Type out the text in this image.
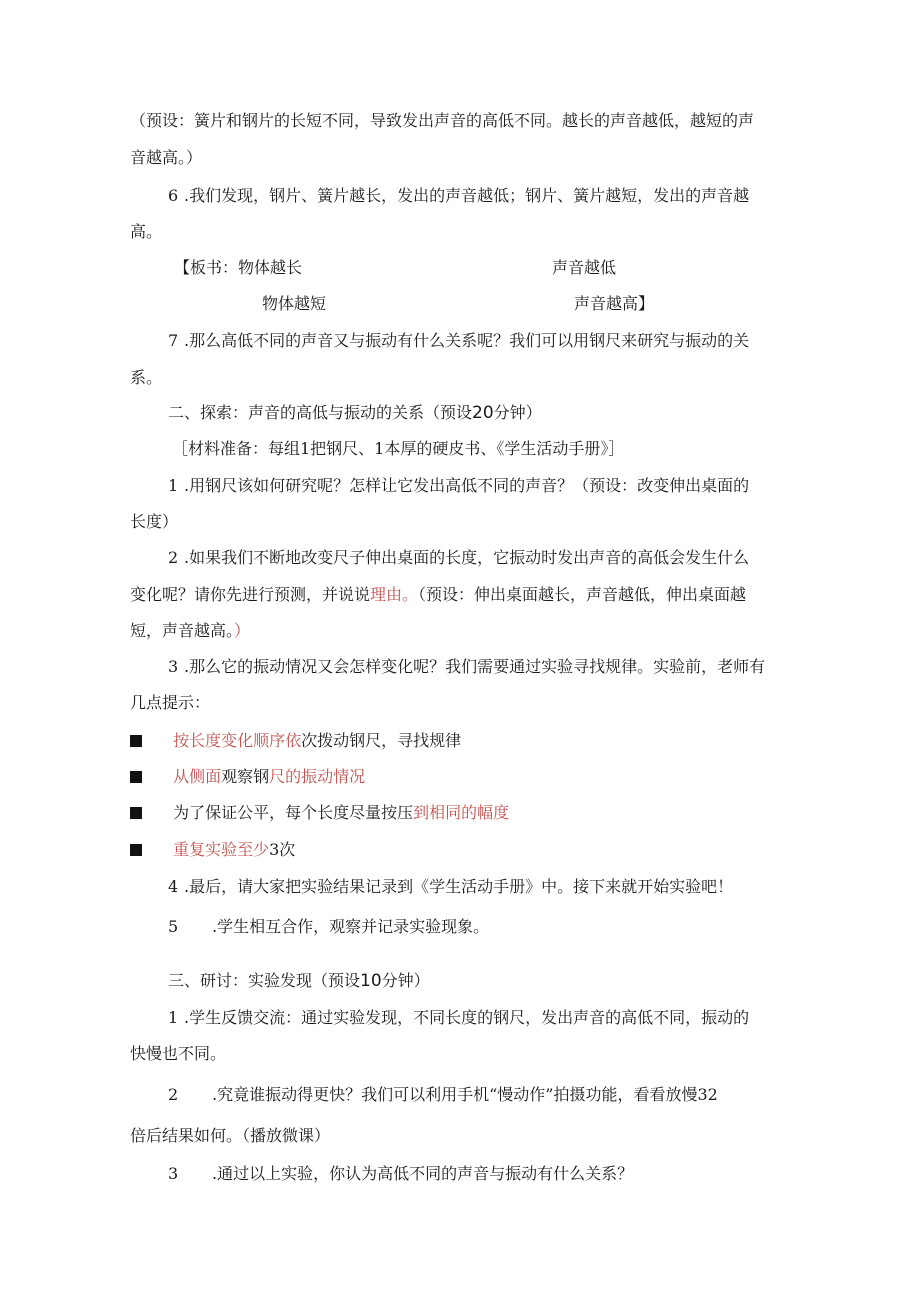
（预设：簧片和钢片的长短不同，导致发出声音的高低不同。越长的声音越低，越短的声
音越高。）
6 .我们发现，钢片、簧片越长，发出的声音越低；钢片、簧片越短，发出的声音越
高。
【板书：物体越长	声音越低
物体越短	声音越高】
7 .那么高低不同的声音又与振动有什么关系呢？我们可以用钢尺来研究与振动的关
系。
二、探索：声音的高低与振动的关系（预设20分钟）
［材料准备：每组1把钢尺、1本厚的硬皮书、《学生活动手册》］
1 .用钢尺该如何研究呢？怎样让它发出高低不同的声音？（预设：改变伸出桌面的
长度）
2 .如果我们不断地改变尺子伸出桌面的长度，它振动时发出声音的高低会发生什么
变化呢？请你先进行预测，并说说理由。（预设：伸出桌面越长，声音越低，伸出桌面越
短，声音越高。）
3 .那么它的振动情况又会怎样变化呢？我们需要通过实验寻找规律。实验前，老师有
几点提示：
按长度变化顺序依次拨动钢尺，寻找规律
从侧面观察钢尺的振动情况
为了保证公平，每个长度尽量按压到相同的幅度
重复实验至少3次
4 .最后，请大家把实验结果记录到《学生活动手册》中。接下来就开始实验吧！
5 .学生相互合作，观察并记录实验现象。
三、研讨：实验发现（预设10分钟）
1 .学生反馈交流：通过实验发现，不同长度的钢尺，发出声音的高低不同，振动的
快慢也不同。
2 .究竟谁振动得更快？我们可以利用手机“慢动作”拍摄功能，看看放慢32
倍后结果如何。（播放微课）
3 .通过以上实验，你认为高低不同的声音与振动有什么关系？
